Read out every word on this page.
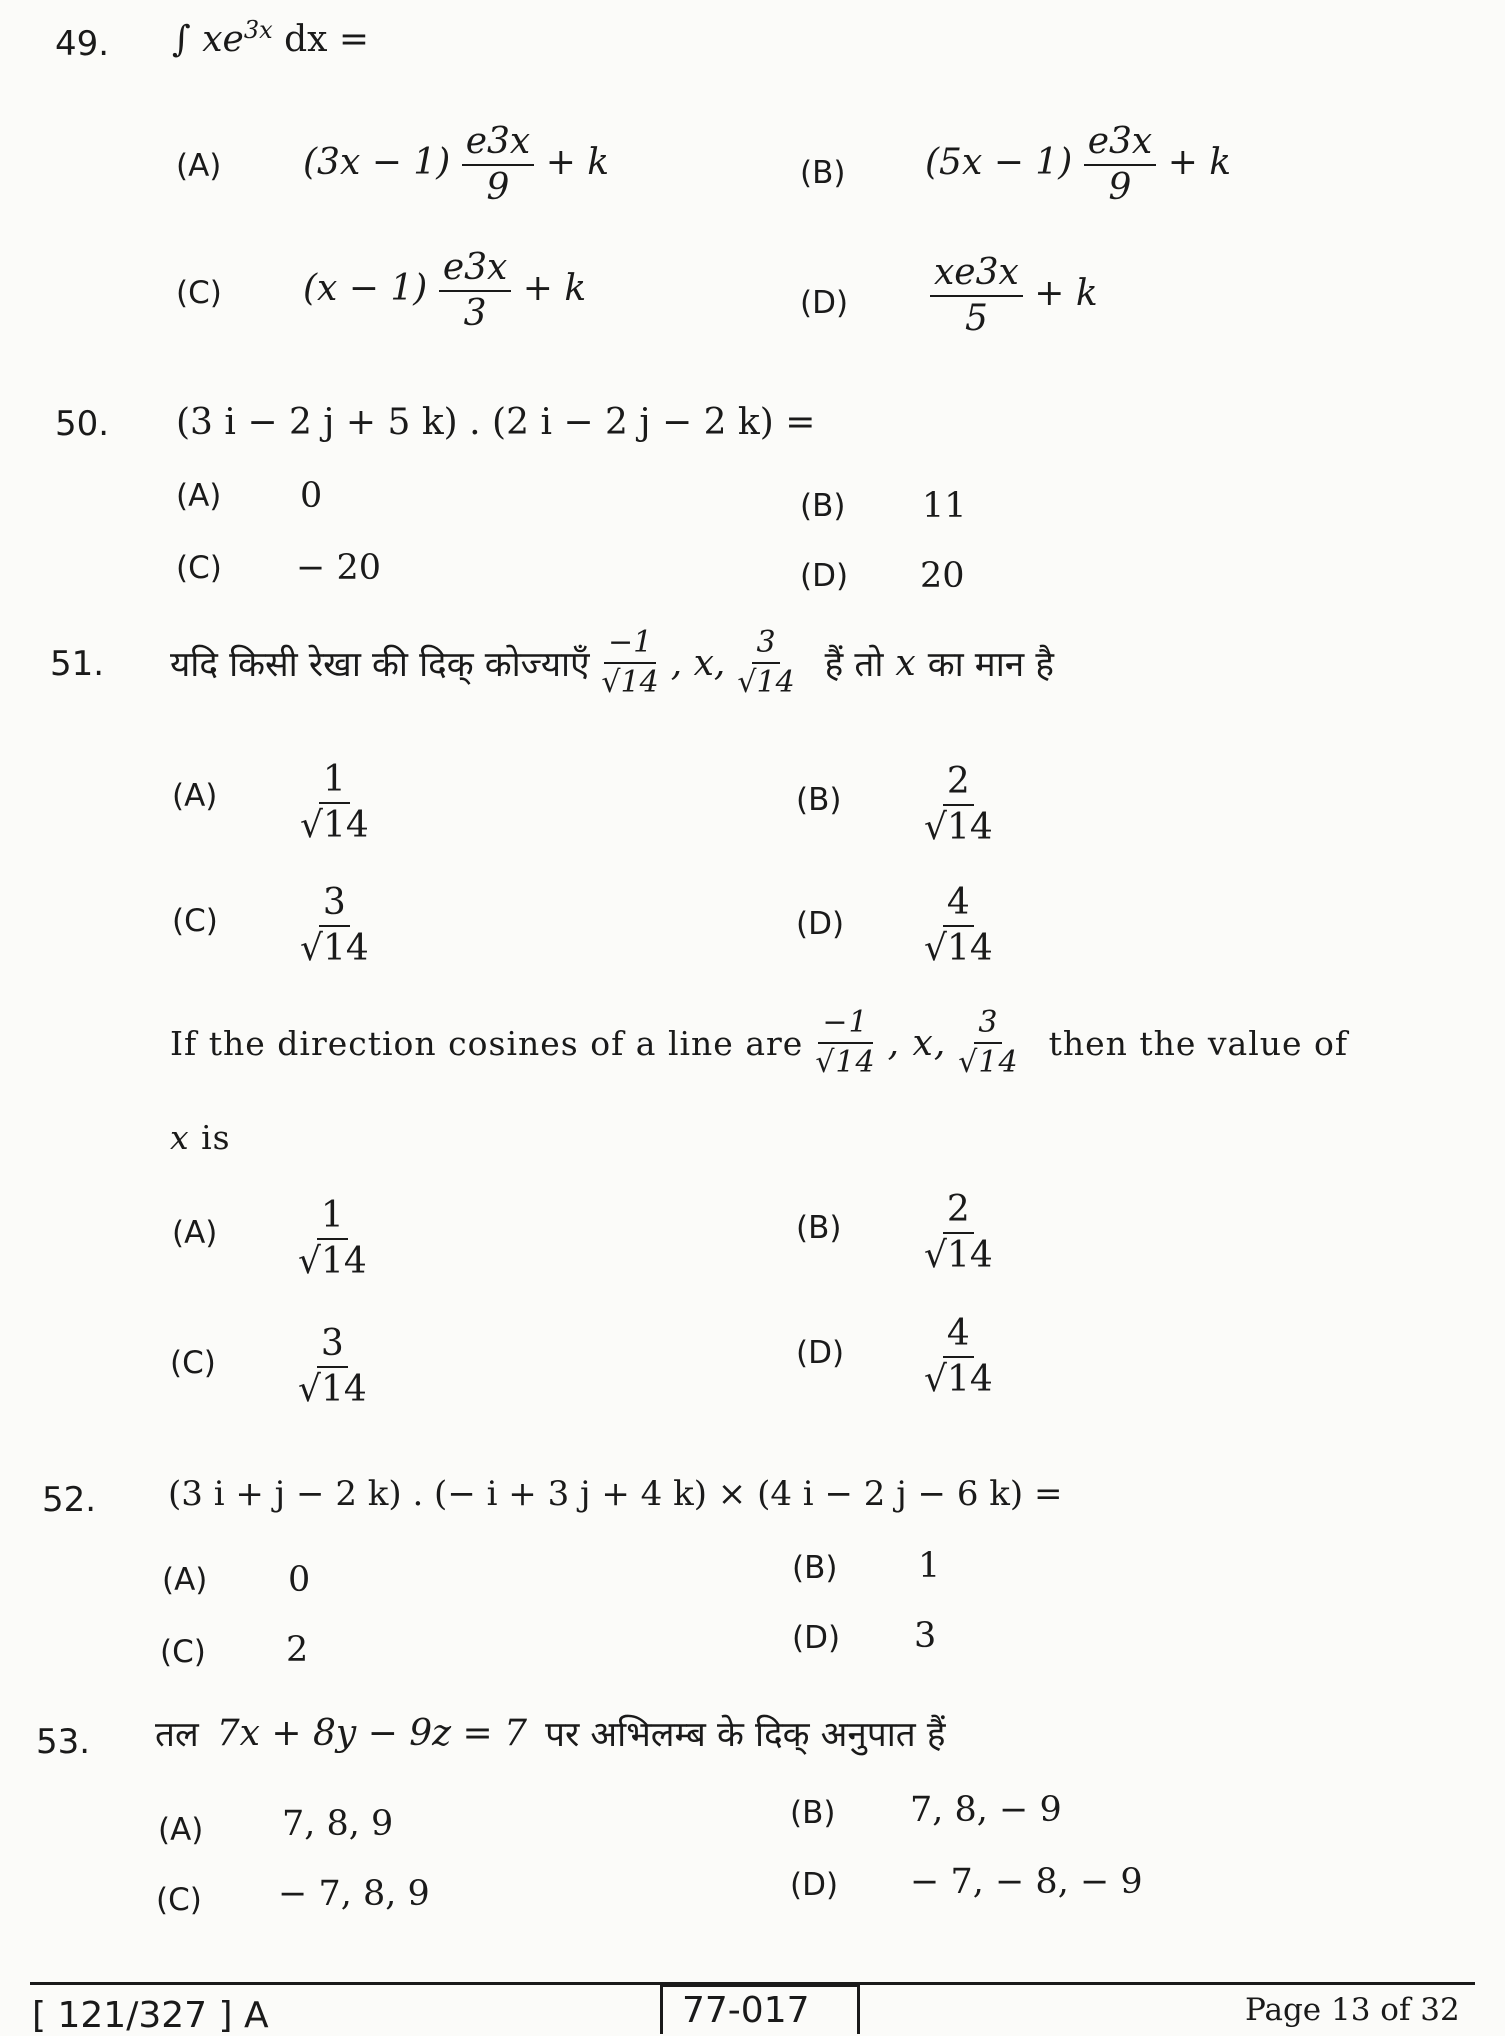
49. ∫ $xe^{3x}$ dx =
(A) $(3x - 1) \frac{e3x}{9} + k$	(B) $(5x - 1) \frac{e3x}{9} + k$
(C) $(x - 1) \frac{e3x}{3} + k$	$(D) \frac{xe3x}{5} + k$
50. (3 i − 2 j + 5 k) . (2 i − 2 j − 2 k) =
(A) 0	(B) 11
(C) − 20	(D) 20
51. यदि किसी रेखा की दिक् कोज्याएँ $\frac{-1}{√14}$ , x, $\frac{3}{√14}$ हैं तो x का मान है
$(A) \frac{1}{√14}$	$(B) \frac{2}{√14}$
$(C) \frac{3}{√14}$	$(D) \frac{4}{√14}$
If the direction cosines of a line are $\frac{-1}{√14}$ , x, $\frac{3}{√14}$ then the value of
x is
$(A) \frac{1}{√14}$	$(B) \frac{2}{√14}$
$(C) \frac{3}{√14}$	$(D) \frac{4}{√14}$
52. (3 i + j − 2 k) . (− i + 3 j + 4 k) × (4 i − 2 j − 6 k) =
(A) 0	(B) 1
(C) 2	(D) 3
53. तल 7x + 8y − 9z = 7 पर अभिलम्ब के दिक् अनुपात हैं
(A) 7, 8, 9	(B) 7, 8, − 9
(C) − 7, 8, 9	(D) − 7, − 8, − 9
[ 121/327 ] A	77-017	Page 13 of 32
